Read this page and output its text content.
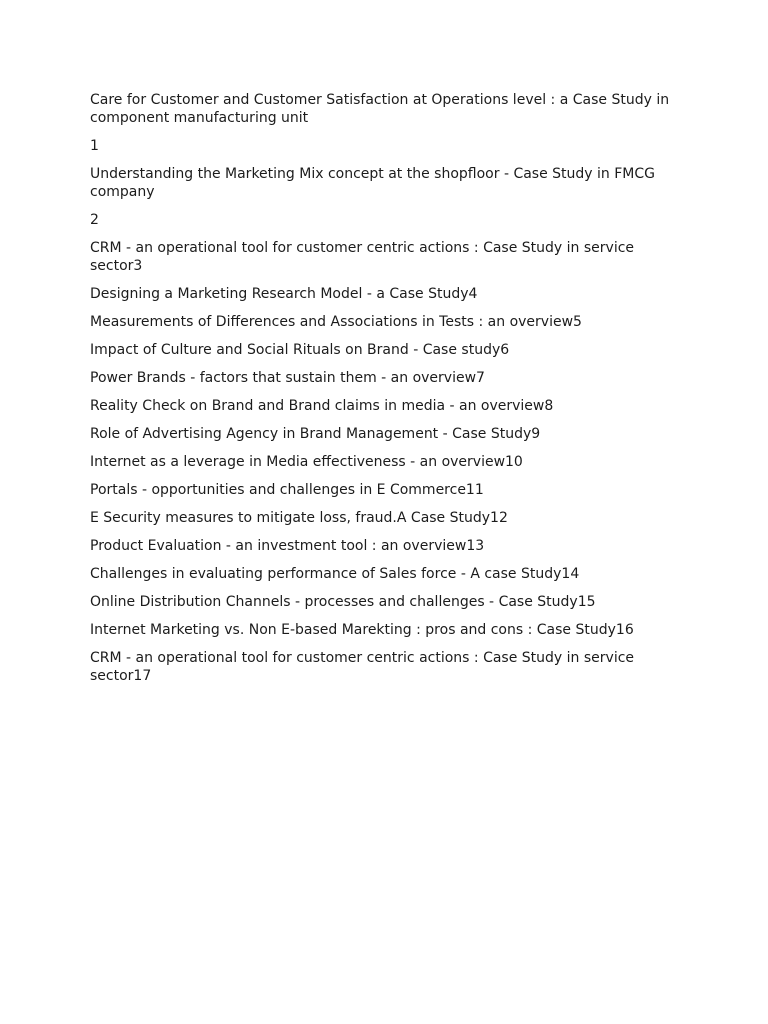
Care for Customer and Customer Satisfaction at Operations level : a Case Study in component manufacturing unit

1

Understanding the Marketing Mix concept at the shopfloor - Case Study in FMCG company

2

CRM - an operational tool for customer centric actions : Case Study in service sector3

Designing a Marketing Research Model - a Case Study4

Measurements of Differences and Associations in Tests : an overview5

Impact of Culture and Social Rituals on Brand - Case study6

Power Brands - factors that sustain them - an overview7

Reality Check on Brand and Brand claims in media - an overview8

Role of Advertising Agency in Brand Management - Case Study9

Internet as a leverage in Media effectiveness - an overview10

Portals - opportunities and challenges in E Commerce11

E Security measures to mitigate loss, fraud.A Case Study12

Product Evaluation - an investment tool : an overview13

Challenges in evaluating performance of Sales force - A case Study14

Online Distribution Channels - processes and challenges - Case Study15

Internet Marketing vs. Non E-based Marekting : pros and cons : Case Study16

CRM - an operational tool for customer centric actions : Case Study in service sector17
